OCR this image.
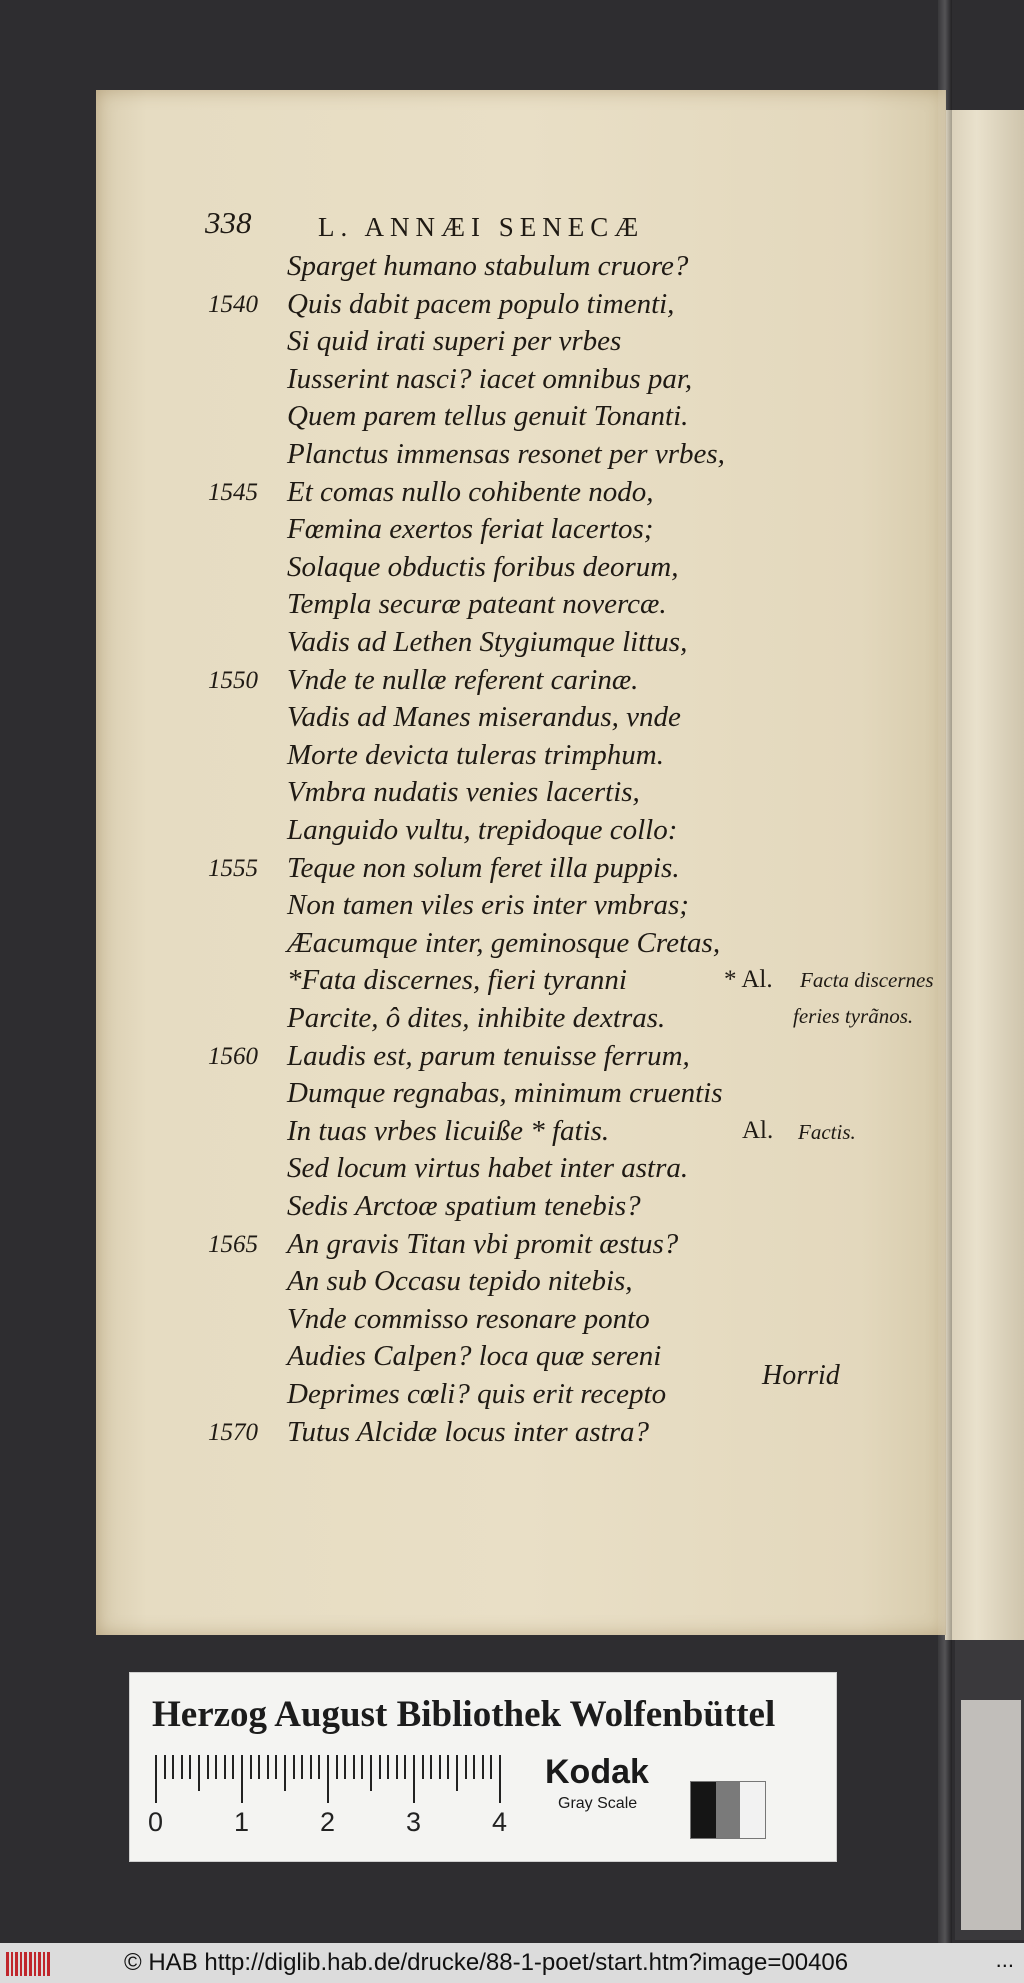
L. ANNÆI SENECÆ
338
Sparget humano stabulum cruore?
Quis dabit pacem populo timenti,
Si quid irati superi per vrbes
Iusserint nasci? iacet omnibus par,
Quem parem tellus genuit Tonanti.
Planctus immensas resonet per vrbes,
Et comas nullo cohibente nodo,
Fœmina exertos feriat lacertos;
Solaque obductis foribus deorum,
Templa securæ pateant novercæ.
Vadis ad Lethen Stygiumque littus,
Vnde te nullæ referent carinæ.
Vadis ad Manes miserandus, vnde
Morte devicta tuleras trimphum.
Vmbra nudatis venies lacertis,
Languido vultu, trepidoque collo:
Teque non solum feret illa puppis.
Non tamen viles eris inter vmbras;
Æacumque inter, geminosque Cretas,
*Fata discernes, fieri tyranni
Parcite, ô dites, inhibite dextras.
Laudis est, parum tenuisse ferrum,
Dumque regnabas, minimum cruentis
In tuas vrbes licuiße * fatis.
Sed locum virtus habet inter astra.
Sedis Arctoæ spatium tenebis?
An gravis Titan vbi promit æstus?
An sub Occasu tepido nitebis,
Vnde commisso resonare ponto
Audies Calpen? loca quæ sereni
Deprimes cœli? quis erit recepto
Tutus Alcidæ locus inter astra?
1540
1545
1550
1555
1560
1565
1570
* Al. Facta discernes
feries tyrãnos.
Al. Factis.
Horrid
Herzog August Bibliothek Wolfenbüttel
0	1	2	3	4
Kodak
Gray Scale
© HAB http://diglib.hab.de/drucke/88-1-poet/start.htm?image=00406	...
